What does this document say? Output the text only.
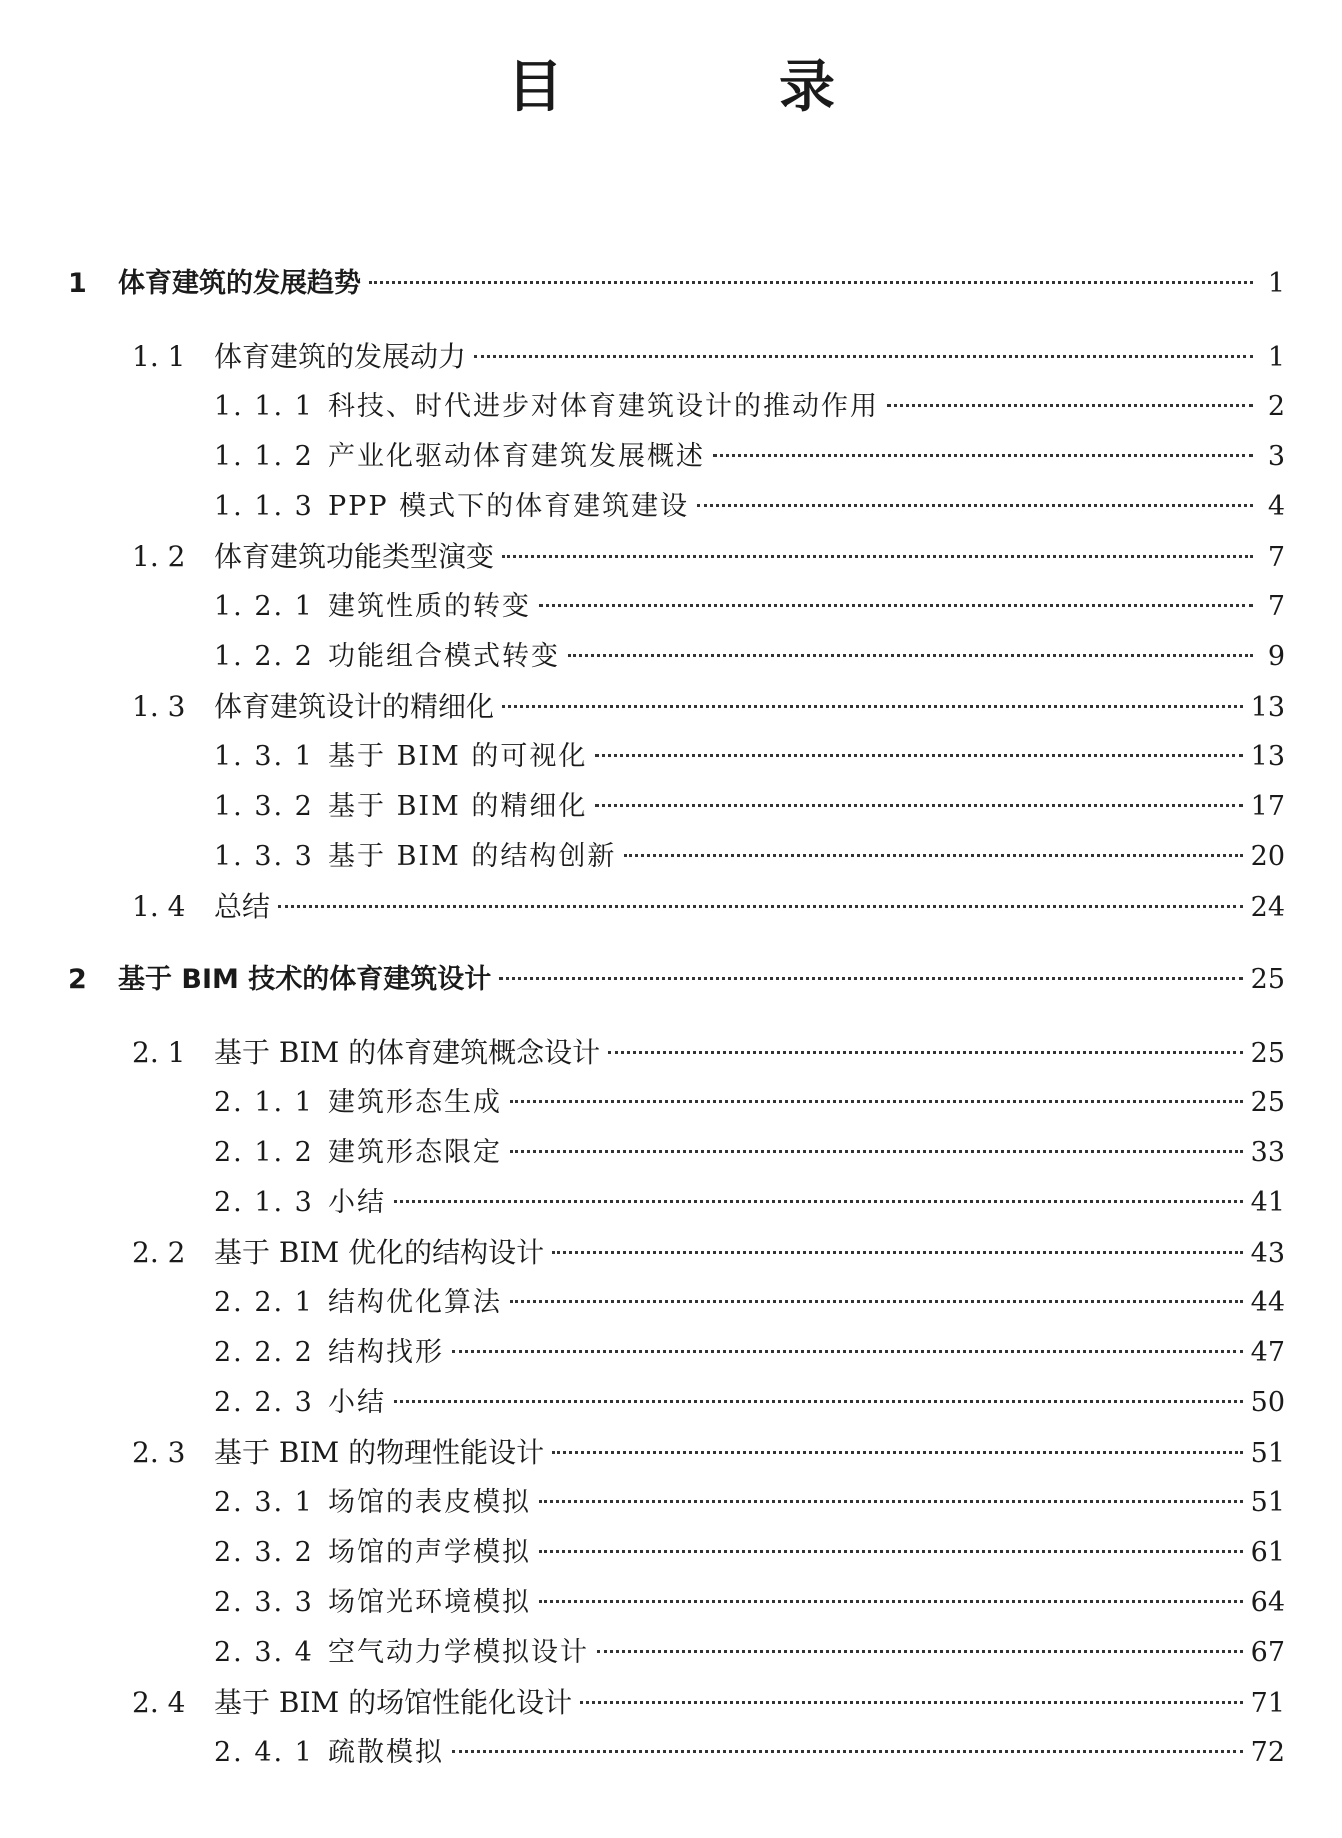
目　录
1	体育建筑的发展趋势	1
1. 1	体育建筑的发展动力	1
1. 1. 1 科技、时代进步对体育建筑设计的推动作用	2
1. 1. 2 产业化驱动体育建筑发展概述	3
1. 1. 3 PPP 模式下的体育建筑建设	4
1. 2	体育建筑功能类型演变	7
1. 2. 1 建筑性质的转变	7
1. 2. 2 功能组合模式转变	9
1. 3	体育建筑设计的精细化	13
1. 3. 1 基于 BIM 的可视化	13
1. 3. 2 基于 BIM 的精细化	17
1. 3. 3 基于 BIM 的结构创新	20
1. 4	总结	24
2	基于 BIM 技术的体育建筑设计	25
2. 1	基于 BIM 的体育建筑概念设计	25
2. 1. 1 建筑形态生成	25
2. 1. 2 建筑形态限定	33
2. 1. 3 小结	41
2. 2	基于 BIM 优化的结构设计	43
2. 2. 1 结构优化算法	44
2. 2. 2 结构找形	47
2. 2. 3 小结	50
2. 3	基于 BIM 的物理性能设计	51
2. 3. 1 场馆的表皮模拟	51
2. 3. 2 场馆的声学模拟	61
2. 3. 3 场馆光环境模拟	64
2. 3. 4 空气动力学模拟设计	67
2. 4	基于 BIM 的场馆性能化设计	71
2. 4. 1 疏散模拟	72
